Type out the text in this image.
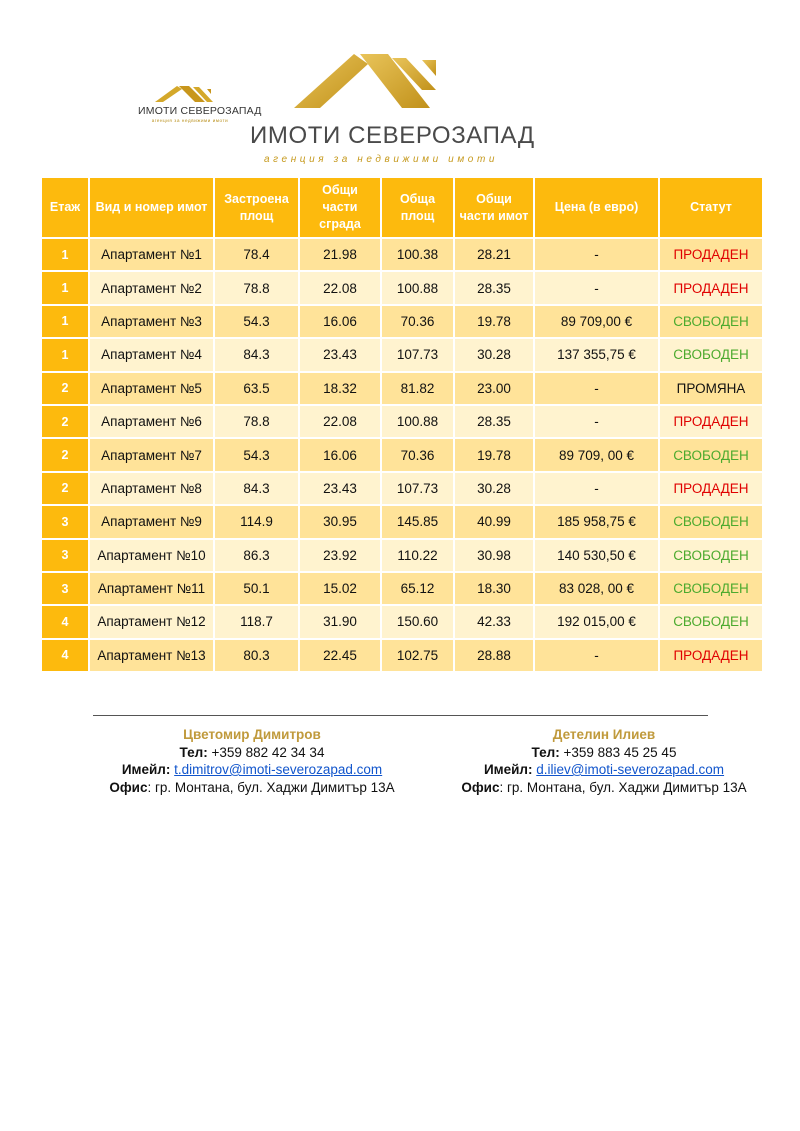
ИМОТИ СЕВЕРОЗАПАД
агенция за недвижими имоти
ИМОТИ СЕВЕРОЗАПАД
агенция за недвижими имоти
Етаж	Вид и номер имот	Застроена площ	Общи части сграда	Обща площ	Общи части имот	Цена (в евро)	Статут
1	Апартамент №1	78.4	21.98	100.38	28.21	-	ПРОДАДЕН
1	Апартамент №2	78.8	22.08	100.88	28.35	-	ПРОДАДЕН
1	Апартамент №3	54.3	16.06	70.36	19.78	89 709,00 €	СВОБОДЕН
1	Апартамент №4	84.3	23.43	107.73	30.28	137 355,75 €	СВОБОДЕН
2	Апартамент №5	63.5	18.32	81.82	23.00	-	ПРОМЯНА
2	Апартамент №6	78.8	22.08	100.88	28.35	-	ПРОДАДЕН
2	Апартамент №7	54.3	16.06	70.36	19.78	89 709, 00 €	СВОБОДЕН
2	Апартамент №8	84.3	23.43	107.73	30.28	-	ПРОДАДЕН
3	Апартамент №9	114.9	30.95	145.85	40.99	185 958,75 €	СВОБОДЕН
3	Апартамент №10	86.3	23.92	110.22	30.98	140 530,50 €	СВОБОДЕН
3	Апартамент №11	50.1	15.02	65.12	18.30	83 028, 00 €	СВОБОДЕН
4	Апартамент №12	118.7	31.90	150.60	42.33	192 015,00 €	СВОБОДЕН
4	Апартамент №13	80.3	22.45	102.75	28.88	-	ПРОДАДЕН
Цветомир Димитров
Тел: +359 882 42 34 34
Имейл: t.dimitrov@imoti-severozapad.com
Офис: гр. Монтана, бул. Хаджи Димитър 13А
Детелин Илиев
Тел: +359 883 45 25 45
Имейл: d.iliev@imoti-severozapad.com
Офис: гр. Монтана, бул. Хаджи Димитър 13А
